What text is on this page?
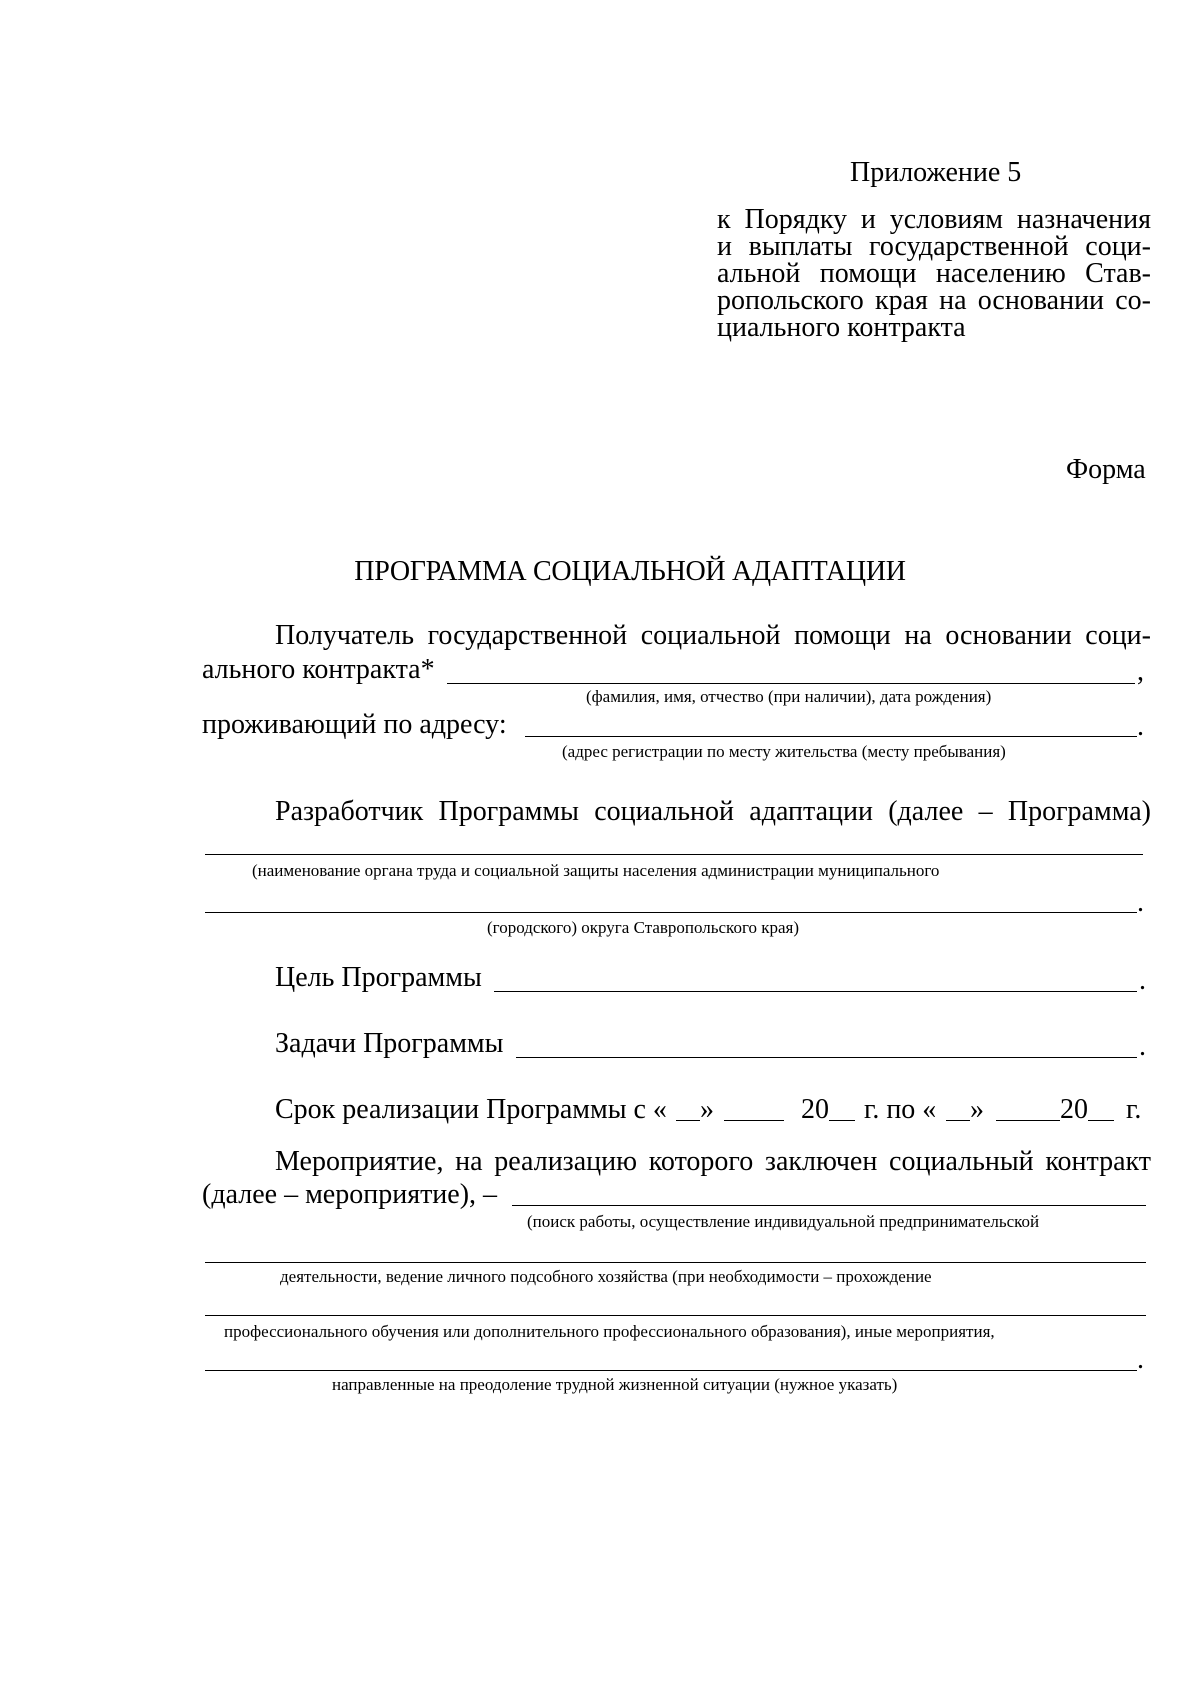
Приложение 5
к Порядку и условиям назначения
и выплаты государственной соци-
альной помощи населению Став-
ропольского края на основании со-
циального контракта
Форма
ПРОГРАММА СОЦИАЛЬНОЙ АДАПТАЦИИ
Получатель государственной социальной помощи на основании соци-
ального контракта*	,
(фамилия, имя, отчество (при наличии), дата рождения)
проживающий по адресу:	.
(адрес регистрации по месту жительства (месту пребывания)
Разработчик Программы социальной адаптации (далее – Программа)
(наименование органа труда и социальной защиты населения администрации муниципального
.
(городского) округа Ставропольского края)
Цель Программы	.
Задачи Программы	.
Срок реализации Программы с « »	20 г. по « »	20 г.
Мероприятие, на реализацию которого заключен социальный контракт
(далее – мероприятие), –
(поиск работы, осуществление индивидуальной предпринимательской
деятельности, ведение личного подсобного хозяйства (при необходимости – прохождение
профессионального обучения или дополнительного профессионального образования), иные мероприятия,
.
направленные на преодоление трудной жизненной ситуации (нужное указать)
